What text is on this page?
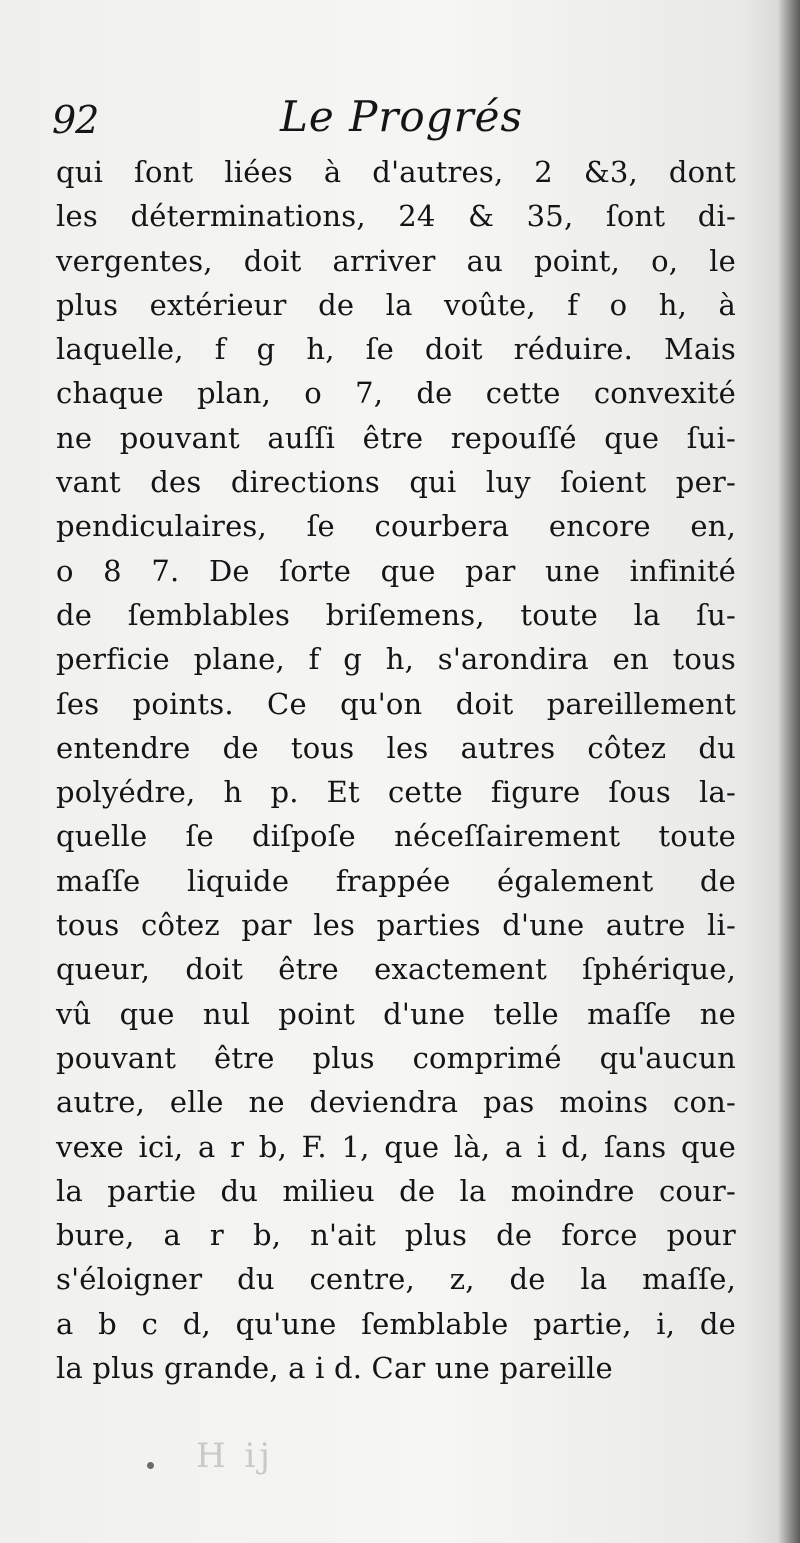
92	Le Progrés
qui ſont liées à d'autres, 2 &3, dont
les déterminations, 24 & 35, ſont di-
vergentes, doit arriver au point, o, le
plus extérieur de la voûte, f o h, à
laquelle, f g h, ſe doit réduire. Mais
chaque plan, o 7, de cette convexité
ne pouvant auſſi être repouſſé que ſui-
vant des directions qui luy ſoient per-
pendiculaires, ſe courbera encore en,
o 8 7. De ſorte que par une infinité
de ſemblables briſemens, toute la ſu-
perficie plane, f g h, s'arondira en tous
ſes points. Ce qu'on doit pareillement
entendre de tous les autres côtez du
polyédre, h p. Et cette figure ſous la-
quelle ſe diſpoſe néceſſairement toute
maſſe liquide frappée également de
tous côtez par les parties d'une autre li-
queur, doit être exactement ſphérique,
vû que nul point d'une telle maſſe ne
pouvant être plus comprimé qu'aucun
autre, elle ne deviendra pas moins con-
vexe ici, a r b, F. 1, que là, a i d, ſans que
la partie du milieu de la moindre cour-
bure, a r b, n'ait plus de force pour
s'éloigner du centre, z, de la maſſe,
a b c d, qu'une ſemblable partie, i, de
la plus grande, a i d. Car une pareille
H ij
